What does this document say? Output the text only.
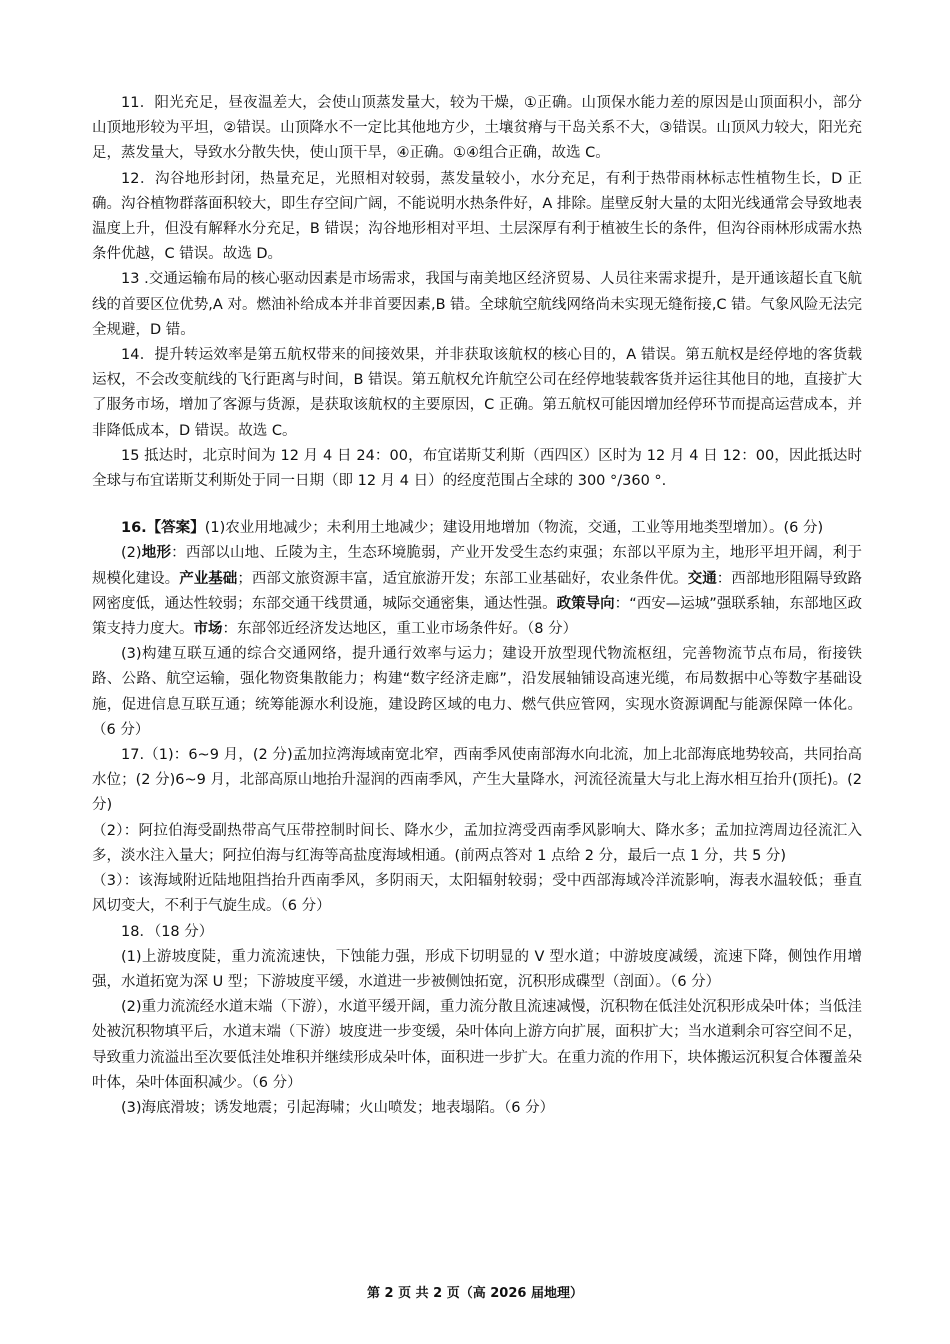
11．阳光充足，昼夜温差大，会使山顶蒸发量大，较为干燥，①正确。山顶保水能力差的原因是山顶面积小，部分山顶地形较为平坦，②错误。山顶降水不一定比其他地方少，土壤贫瘠与干岛关系不大，③错误。山顶风力较大，阳光充足，蒸发量大，导致水分散失快，使山顶干旱，④正确。①④组合正确，故选 C。

12．沟谷地形封闭，热量充足，光照相对较弱，蒸发量较小，水分充足，有利于热带雨林标志性植物生长，D 正确。沟谷植物群落面积较大，即生存空间广阔，不能说明水热条件好，A 排除。崖壁反射大量的太阳光线通常会导致地表温度上升，但没有解释水分充足，B 错误；沟谷地形相对平坦、土层深厚有利于植被生长的条件，但沟谷雨林形成需水热条件优越，C 错误。故选 D。

13 .交通运输布局的核心驱动因素是市场需求，我国与南美地区经济贸易、人员往来需求提升，是开通该超长直飞航线的首要区位优势,A 对。燃油补给成本并非首要因素,B 错。全球航空航线网络尚未实现无缝衔接,C 错。气象风险无法完全规避，D 错。

14．提升转运效率是第五航权带来的间接效果，并非获取该航权的核心目的，A 错误。第五航权是经停地的客货载运权，不会改变航线的飞行距离与时间，B 错误。第五航权允许航空公司在经停地装载客货并运往其他目的地，直接扩大了服务市场，增加了客源与货源，是获取该航权的主要原因，C 正确。第五航权可能因增加经停环节而提高运营成本，并非降低成本，D 错误。故选 C。

15 抵达时，北京时间为 12 月 4 日 24：00，布宜诺斯艾利斯（西四区）区时为 12 月 4 日 12：00，因此抵达时全球与布宜诺斯艾利斯处于同一日期（即 12 月 4 日）的经度范围占全球的 300 °/360 °.

16.【答案】(1)农业用地减少；未利用土地减少；建设用地增加（物流，交通，工业等用地类型增加）。(6 分)

(2)地形：西部以山地、丘陵为主，生态环境脆弱，产业开发受生态约束强；东部以平原为主，地形平坦开阔，利于规模化建设。产业基础；西部文旅资源丰富，适宜旅游开发；东部工业基础好，农业条件优。交通：西部地形阻隔导致路网密度低，通达性较弱；东部交通干线贯通，城际交通密集，通达性强。政策导向：“西安—运城”强联系轴，东部地区政策支持力度大。市场：东部邻近经济发达地区，重工业市场条件好。（8 分）

(3)构建互联互通的综合交通网络，提升通行效率与运力；建设开放型现代物流枢纽，完善物流节点布局，衔接铁路、公路、航空运输，强化物资集散能力；构建“数字经济走廊”，沿发展轴铺设高速光缆，布局数据中心等数字基础设施，促进信息互联互通；统筹能源水利设施，建设跨区域的电力、燃气供应管网，实现水资源调配与能源保障一体化。（6 分）

17.（1)：6~9 月，(2 分)孟加拉湾海域南宽北窄，西南季风使南部海水向北流，加上北部海底地势较高，共同抬高水位；(2 分)6~9 月，北部高原山地抬升湿润的西南季风，产生大量降水，河流径流量大与北上海水相互抬升(顶托)。(2 分)

（2）：阿拉伯海受副热带高气压带控制时间长、降水少，孟加拉湾受西南季风影响大、降水多；孟加拉湾周边径流汇入多，淡水注入量大；阿拉伯海与红海等高盐度海域相通。(前两点答对 1 点给 2 分，最后一点 1 分，共 5 分)

（3）：该海域附近陆地阻挡抬升西南季风，多阴雨天，太阳辐射较弱；受中西部海域冷洋流影响，海表水温较低；垂直风切变大，不利于气旋生成。（6 分）

18．（18 分）

(1)上游坡度陡，重力流流速快，下蚀能力强，形成下切明显的 V 型水道；中游坡度减缓，流速下降，侧蚀作用增强，水道拓宽为深 U 型；下游坡度平缓，水道进一步被侧蚀拓宽，沉积形成碟型（剖面）。（6 分）

(2)重力流流经水道末端（下游），水道平缓开阔，重力流分散且流速减慢，沉积物在低洼处沉积形成朵叶体；当低洼处被沉积物填平后，水道末端（下游）坡度进一步变缓，朵叶体向上游方向扩展，面积扩大；当水道剩余可容空间不足，导致重力流溢出至次要低洼处堆积并继续形成朵叶体，面积进一步扩大。在重力流的作用下，块体搬运沉积复合体覆盖朵叶体，朵叶体面积减少。（6 分）

(3)海底滑坡；诱发地震；引起海啸；火山喷发；地表塌陷。（6 分）

第 2 页 共 2 页（高 2026 届地理）
